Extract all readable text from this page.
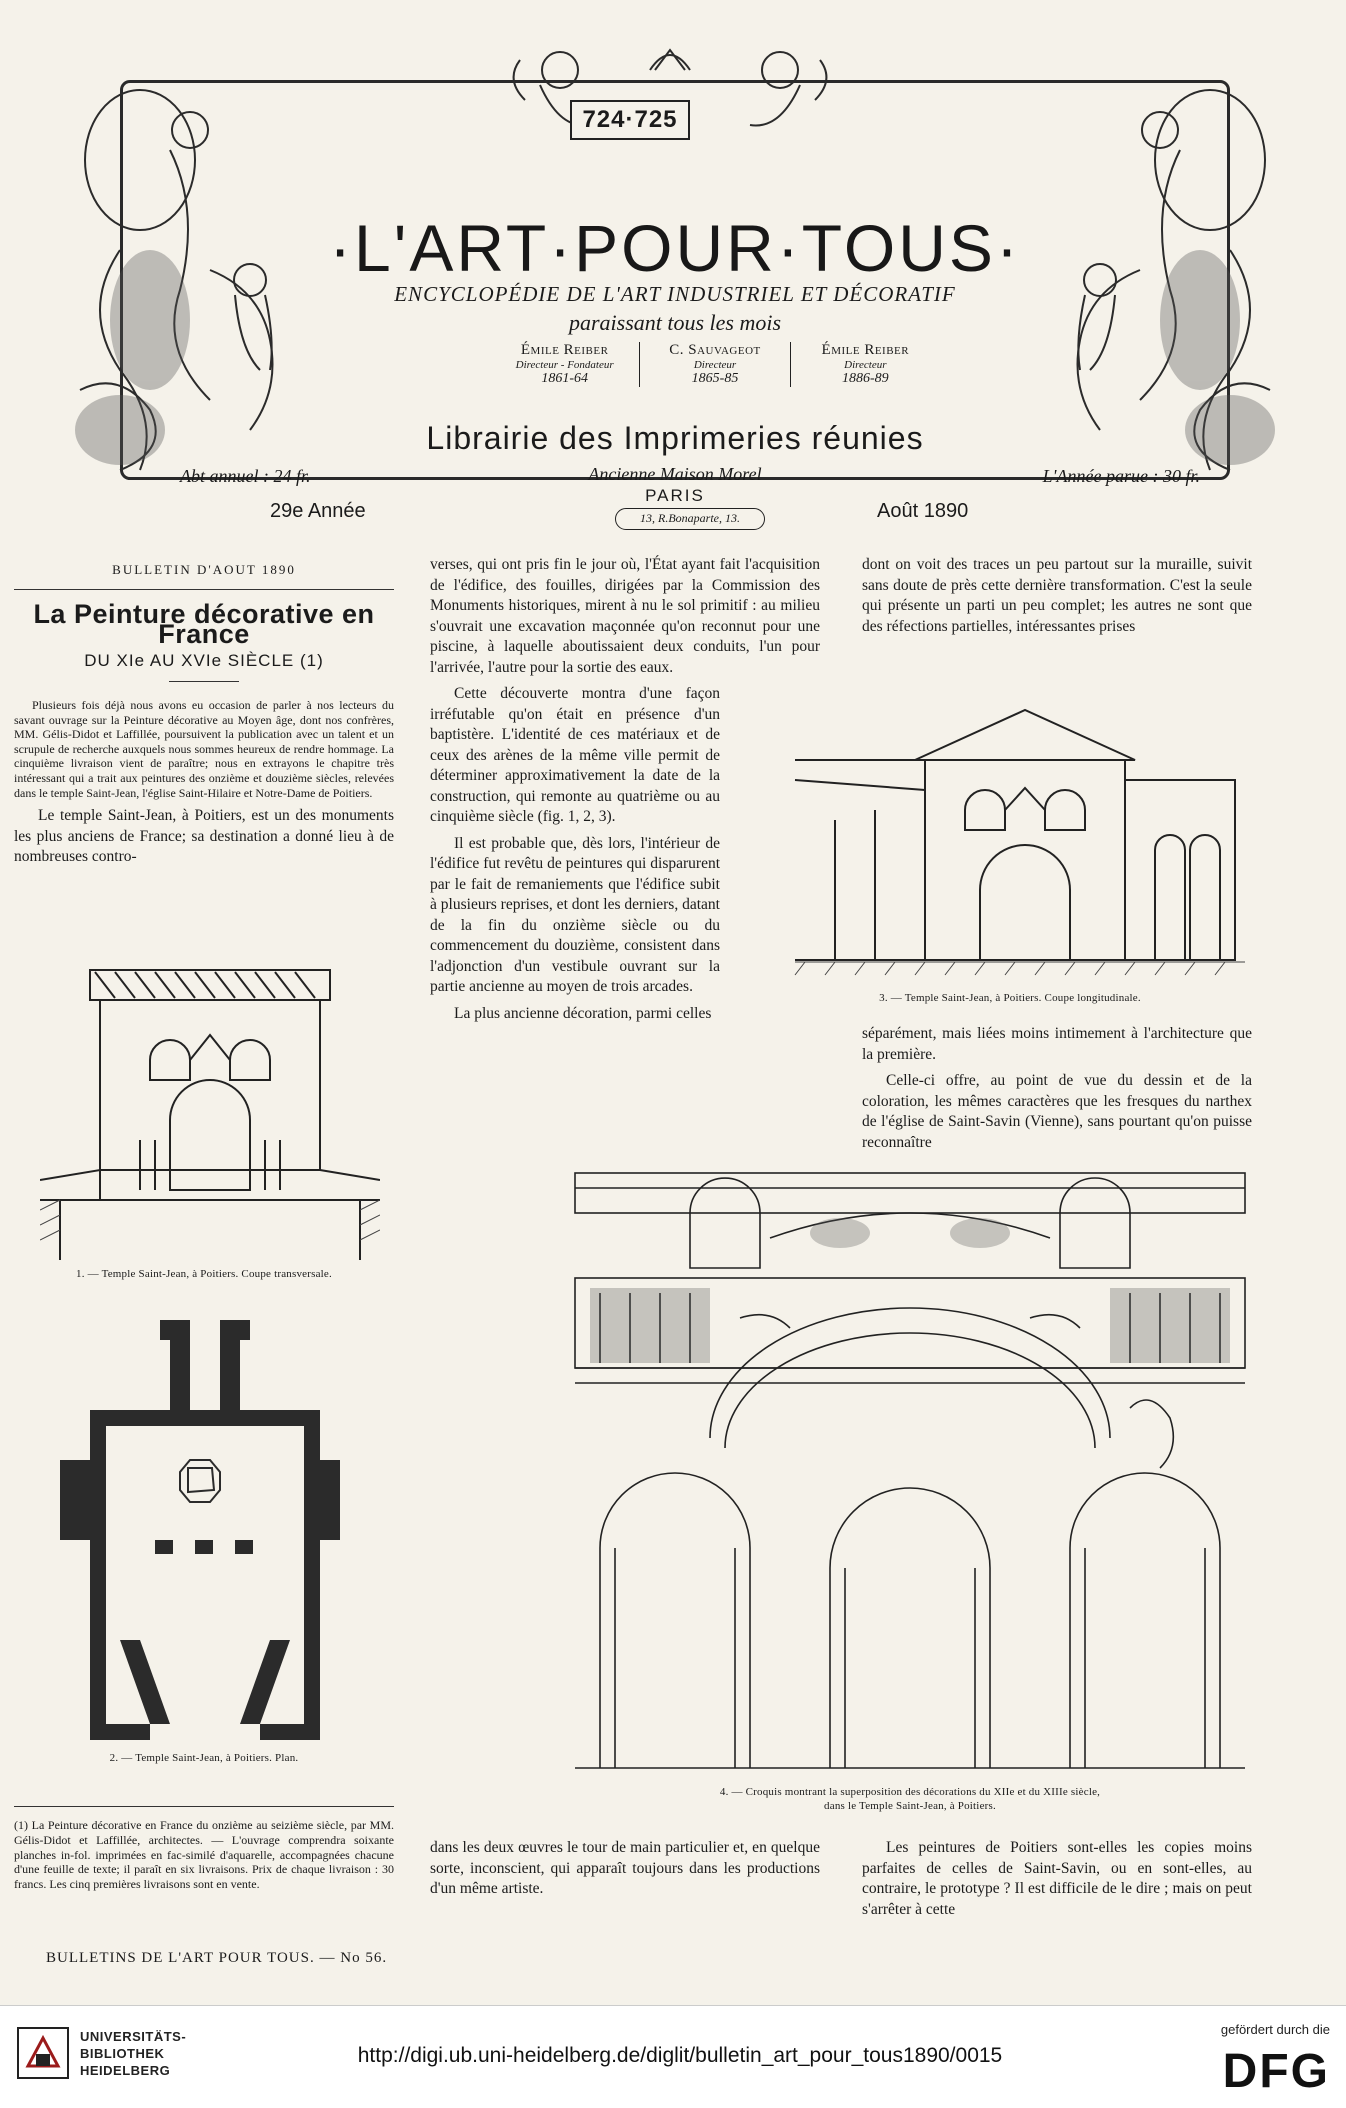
724·725
·L'ART·POUR·TOUS·
ENCYCLOPÉDIE DE L'ART INDUSTRIEL ET DÉCORATIF
paraissant tous les mois
Émile Reiber
Directeur - Fondateur
1861-64
C. Sauvageot
Directeur
1865-85
Émile Reiber
Directeur
1886-89
Librairie des Imprimeries réunies
Ancienne Maison Morel
PARIS
13, R.Bonaparte, 13.
Abt annuel : 24 fr.	L'Année parue : 30 fr.
29e Année	Août 1890
BULLETIN D'AOUT 1890
La Peinture décorative en France
DU XIe AU XVIe SIÈCLE (1)

Plusieurs fois déjà nous avons eu occasion de parler à nos lecteurs du savant ouvrage sur la Peinture décorative au Moyen âge, dont nos confrères, MM. Gélis-Didot et Laffillée, poursuivent la publication avec un talent et un scrupule de recherche auxquels nous sommes heureux de rendre hommage. La cinquième livraison vient de paraître; nous en extrayons le chapitre très intéressant qui a trait aux peintures des onzième et douzième siècles, relevées dans le temple Saint-Jean, l'église Saint-Hilaire et Notre-Dame de Poitiers.

Le temple Saint-Jean, à Poitiers, est un des monuments les plus anciens de France; sa destination a donné lieu à de nombreuses contro-

1. — Temple Saint-Jean, à Poitiers. Coupe transversale.
2. — Temple Saint-Jean, à Poitiers. Plan.

(1) La Peinture décorative en France du onzième au seizième siècle, par MM. Gélis-Didot et Laffillée, architectes. — L'ouvrage comprendra soixante planches in-fol. imprimées en fac-similé d'aquarelle, accompagnées chacune d'une feuille de texte; il paraît en six livraisons. Prix de chaque livraison : 30 francs. Les cinq premières livraisons sont en vente.

BULLETINS DE L'ART POUR TOUS. — No 56.

verses, qui ont pris fin le jour où, l'État ayant fait l'acquisition de l'édifice, des fouilles, dirigées par la Commission des Monuments historiques, mirent à nu le sol primitif : au milieu s'ouvrait une excavation maçonnée qu'on reconnut pour une piscine, à laquelle aboutissaient deux conduits, l'un pour l'arrivée, l'autre pour la sortie des eaux.

Cette découverte montra d'une façon irréfutable qu'on était en présence d'un baptistère. L'identité de ces matériaux et de ceux des arènes de la même ville permit de déterminer approximativement la date de la construction, qui remonte au quatrième ou au cinquième siècle (fig. 1, 2, 3).

Il est probable que, dès lors, l'intérieur de l'édifice fut revêtu de peintures qui disparurent par le fait de remaniements que l'édifice subit à plusieurs reprises, et dont les derniers, datant de la fin du onzième siècle ou du commencement du douzième, consistent dans l'adjonction d'un vestibule ouvrant sur la partie ancienne au moyen de trois arcades.

La plus ancienne décoration, parmi celles

3. — Temple Saint-Jean, à Poitiers. Coupe longitudinale.

dont on voit des traces un peu partout sur la muraille, suivit sans doute de près cette dernière transformation. C'est la seule qui présente un parti un peu complet; les autres ne sont que des réfections partielles, intéressantes prises

séparément, mais liées moins intimement à l'architecture que la première.

Celle-ci offre, au point de vue du dessin et de la coloration, les mêmes caractères que les fresques du narthex de l'église de Saint-Savin (Vienne), sans pourtant qu'on puisse reconnaître

4. — Croquis montrant la superposition des décorations du XIIe et du XIIIe siècle,
dans le Temple Saint-Jean, à Poitiers.

dans les deux œuvres le tour de main particulier et, en quelque sorte, inconscient, qui apparaît toujours dans les productions d'un même artiste.

Les peintures de Poitiers sont-elles les copies moins parfaites de celles de Saint-Savin, ou en sont-elles, au contraire, le prototype ? Il est difficile de le dire ; mais on peut s'arrêter à cette

UNIVERSITÄTS-
BIBLIOTHEK
HEIDELBERG
http://digi.ub.uni-heidelberg.de/diglit/bulletin_art_pour_tous1890/0015
gefördert durch die
DFG
